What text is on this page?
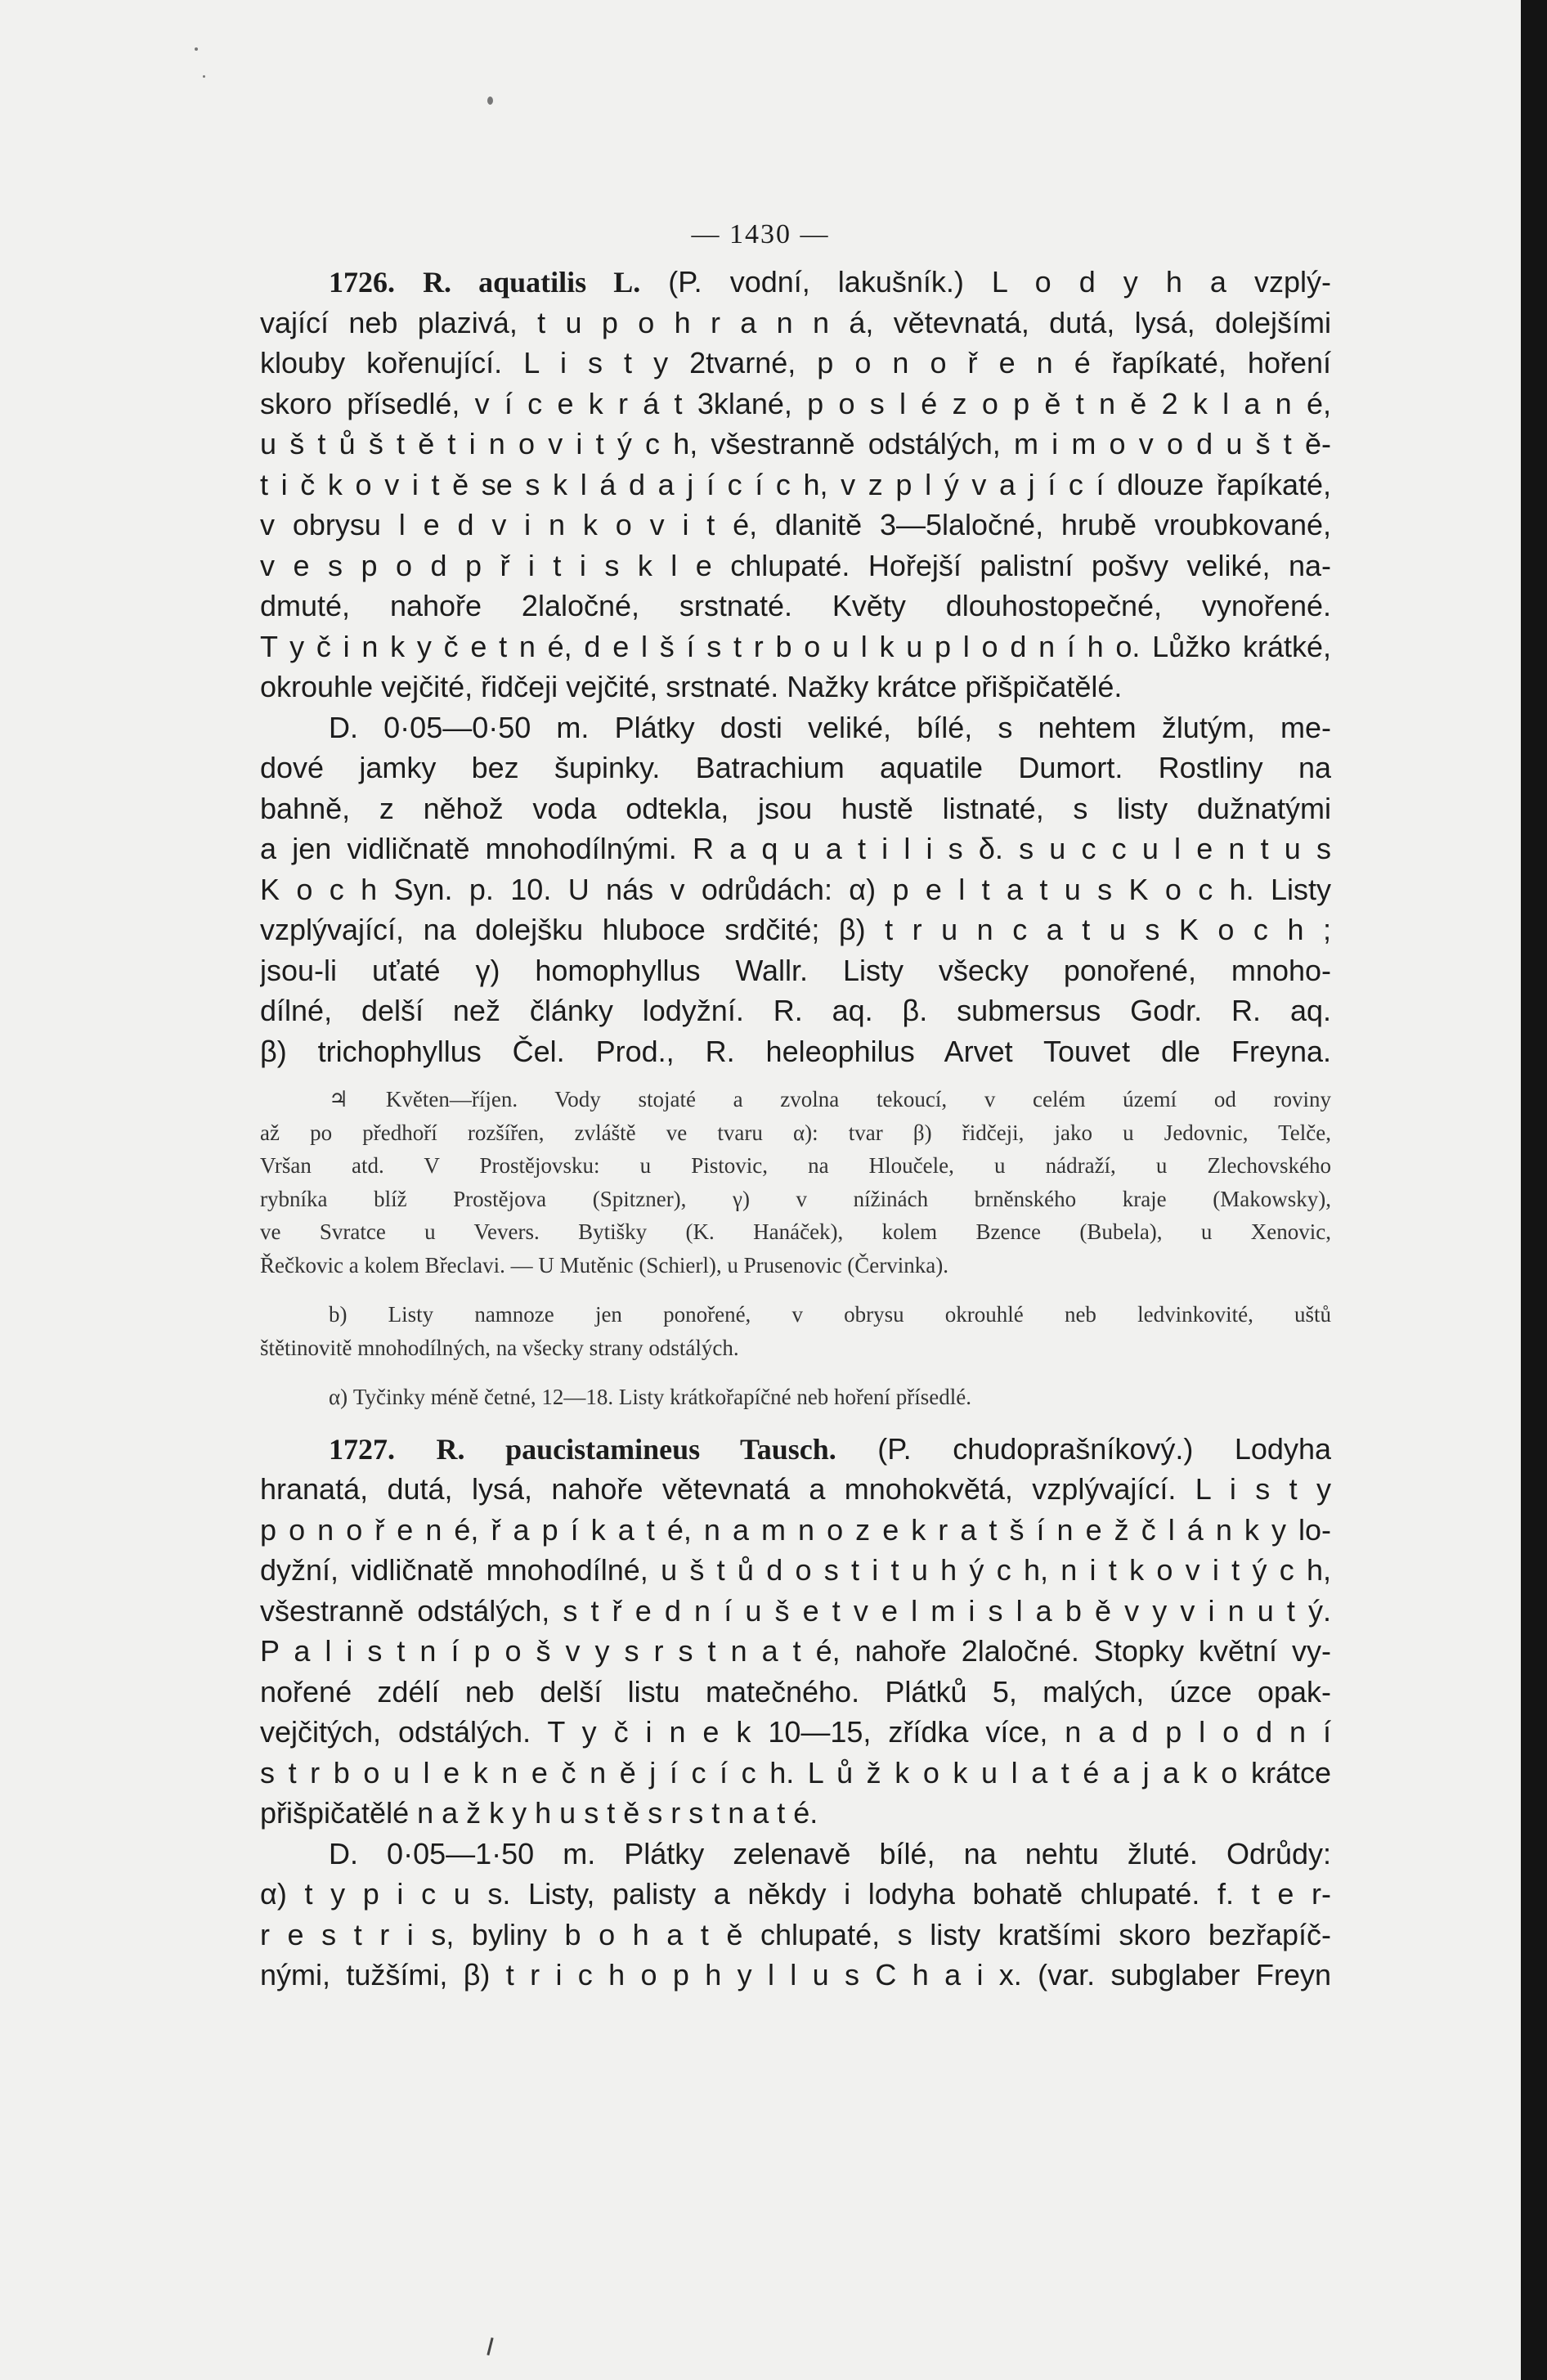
— 1430 —
1726. R. aquatilis L. (P. vodní, lakušník.) L o d y h a vzplý-
vající neb plazivá, t u p o h r a n n á, větevnatá, dutá, lysá, dolejšími
klouby kořenující. L i s t y 2tvarné, p o n o ř e n é řapíkaté, hoření
skoro přísedlé, v í c e k r á t 3klané, p o s l é z o p ě t n ě 2 k l a n é,
u š t ů š t ě t i n o v i t ý c h, všestranně odstálých, m i m o v o d u š t ě-
t i č k o v i t ě se s k l á d a j í c í c h, v z p l ý v a j í c í dlouze řapíkaté,
v obrysu l e d v i n k o v i t é, dlanitě 3—5laločné, hrubě vroubkované,
v e s p o d p ř i t i s k l e chlupaté. Hořejší palistní pošvy veliké, na-
dmuté, nahoře 2laločné, srstnaté. Květy dlouhostopečné, vynořené.
T y č i n k y č e t n é, d e l š í s t r b o u l k u p l o d n í h o. Lůžko krátké,
okrouhle vejčité, řidčeji vejčité, srstnaté. Nažky krátce přišpičatělé.
D. 0·05—0·50 m. Plátky dosti veliké, bílé, s nehtem žlutým, me-
dové jamky bez šupinky. Batrachium aquatile Dumort. Rostliny na
bahně, z něhož voda odtekla, jsou hustě listnaté, s listy dužnatými
a jen vidličnatě mnohodílnými. R a q u a t i l i s δ. s u c c u l e n t u s
K o c h Syn. p. 10. U nás v odrůdách: α) p e l t a t u s K o c h. Listy
vzplývající, na dolejšku hluboce srdčité; β) t r u n c a t u s K o c h ;
jsou-li uťaté γ) homophyllus Wallr. Listy všecky ponořené, mnoho-
dílné, delší než články lodyžní. R. aq. β. submersus Godr. R. aq.
β) trichophyllus Čel. Prod., R. heleophilus Arvet Touvet dle Freyna.
♃ Květen—říjen. Vody stojaté a zvolna tekoucí, v celém území od roviny
až po předhoří rozšířen, zvláště ve tvaru α): tvar β) řidčeji, jako u Jedovnic, Telče,
Vršan atd. V Prostějovsku: u Pistovic, na Hloučele, u nádraží, u Zlechovského
rybníka blíž Prostějova (Spitzner), γ) v nížinách brněnského kraje (Makowsky),
ve Svratce u Vevers. Bytišky (K. Hanáček), kolem Bzence (Bubela), u Xenovic,
Řečkovic a kolem Břeclavi. — U Mutěnic (Schierl), u Prusenovic (Červinka).
b) Listy namnoze jen ponořené, v obrysu okrouhlé neb ledvinkovité, uštů
štětinovitě mnohodílných, na všecky strany odstálých.
α) Tyčinky méně četné, 12—18. Listy krátkořapíčné neb hoření přísedlé.
1727. R. paucistamineus Tausch. (P. chudoprašníkový.) Lodyha
hranatá, dutá, lysá, nahoře větevnatá a mnohokvětá, vzplývající. L i s t y
p o n o ř e n é, ř a p í k a t é, n a m n o z e k r a t š í n e ž č l á n k y lo-
dyžní, vidličnatě mnohodílné, u š t ů d o s t i t u h ý c h, n i t k o v i t ý c h,
všestranně odstálých, s t ř e d n í u š e t v e l m i s l a b ě v y v i n u t ý.
P a l i s t n í p o š v y s r s t n a t é, nahoře 2laločné. Stopky květní vy-
nořené zdélí neb delší listu matečného. Plátků 5, malých, úzce opak-
vejčitých, odstálých. T y č i n e k 10—15, zřídka více, n a d p l o d n í
s t r b o u l e k n e č n ě j í c í c h. L ů ž k o k u l a t é a j a k o krátce
přišpičatělé n a ž k y h u s t ě s r s t n a t é.
D. 0·05—1·50 m. Plátky zelenavě bílé, na nehtu žluté. Odrůdy:
α) t y p i c u s. Listy, palisty a někdy i lodyha bohatě chlupaté. f. t e r-
r e s t r i s, byliny b o h a t ě chlupaté, s listy kratšími skoro bezřapíč-
nými, tužšími, β) t r i c h o p h y l l u s C h a i x. (var. subglaber Freyn
